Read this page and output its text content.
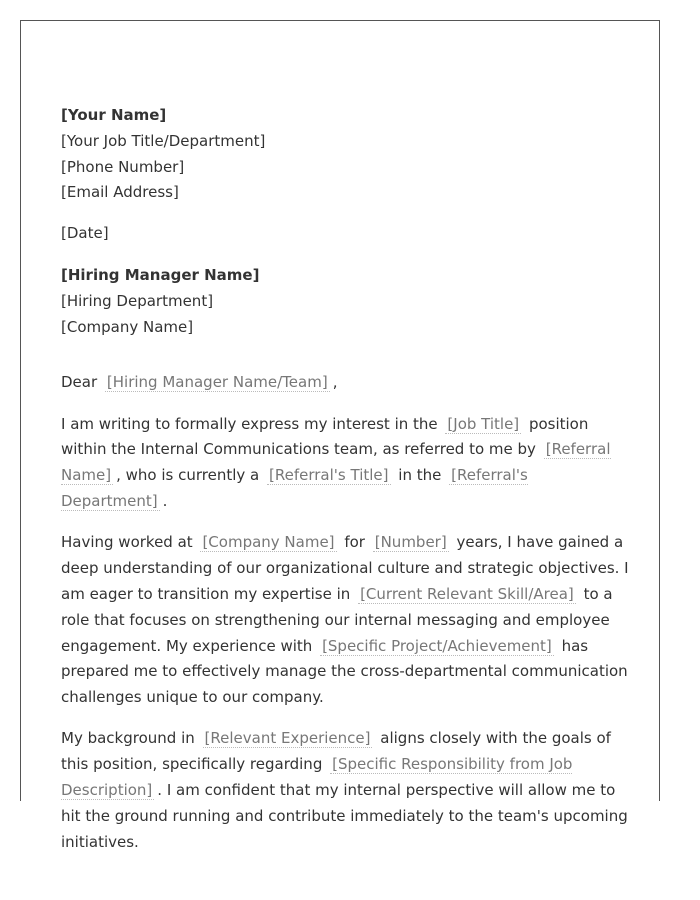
[Your Name]
[Your Job Title/Department]
[Phone Number]
[Email Address]
[Date]
[Hiring Manager Name]
[Hiring Department]
[Company Name]

Dear [Hiring Manager Name/Team] ,

I am writing to formally express my interest in the [Job Title] position within the Internal Communications team, as referred to me by [Referral Name] , who is currently a [Referral's Title] in the [Referral's Department] .

Having worked at [Company Name] for [Number] years, I have gained a deep understanding of our organizational culture and strategic objectives. I am eager to transition my expertise in [Current Relevant Skill/Area] to a role that focuses on strengthening our internal messaging and employee engagement. My experience with [Specific Project/Achievement] has prepared me to effectively manage the cross-departmental communication challenges unique to our company.

My background in [Relevant Experience] aligns closely with the goals of this position, specifically regarding [Specific Responsibility from Job Description] . I am confident that my internal perspective will allow me to hit the ground running and contribute immediately to the team's upcoming initiatives.
